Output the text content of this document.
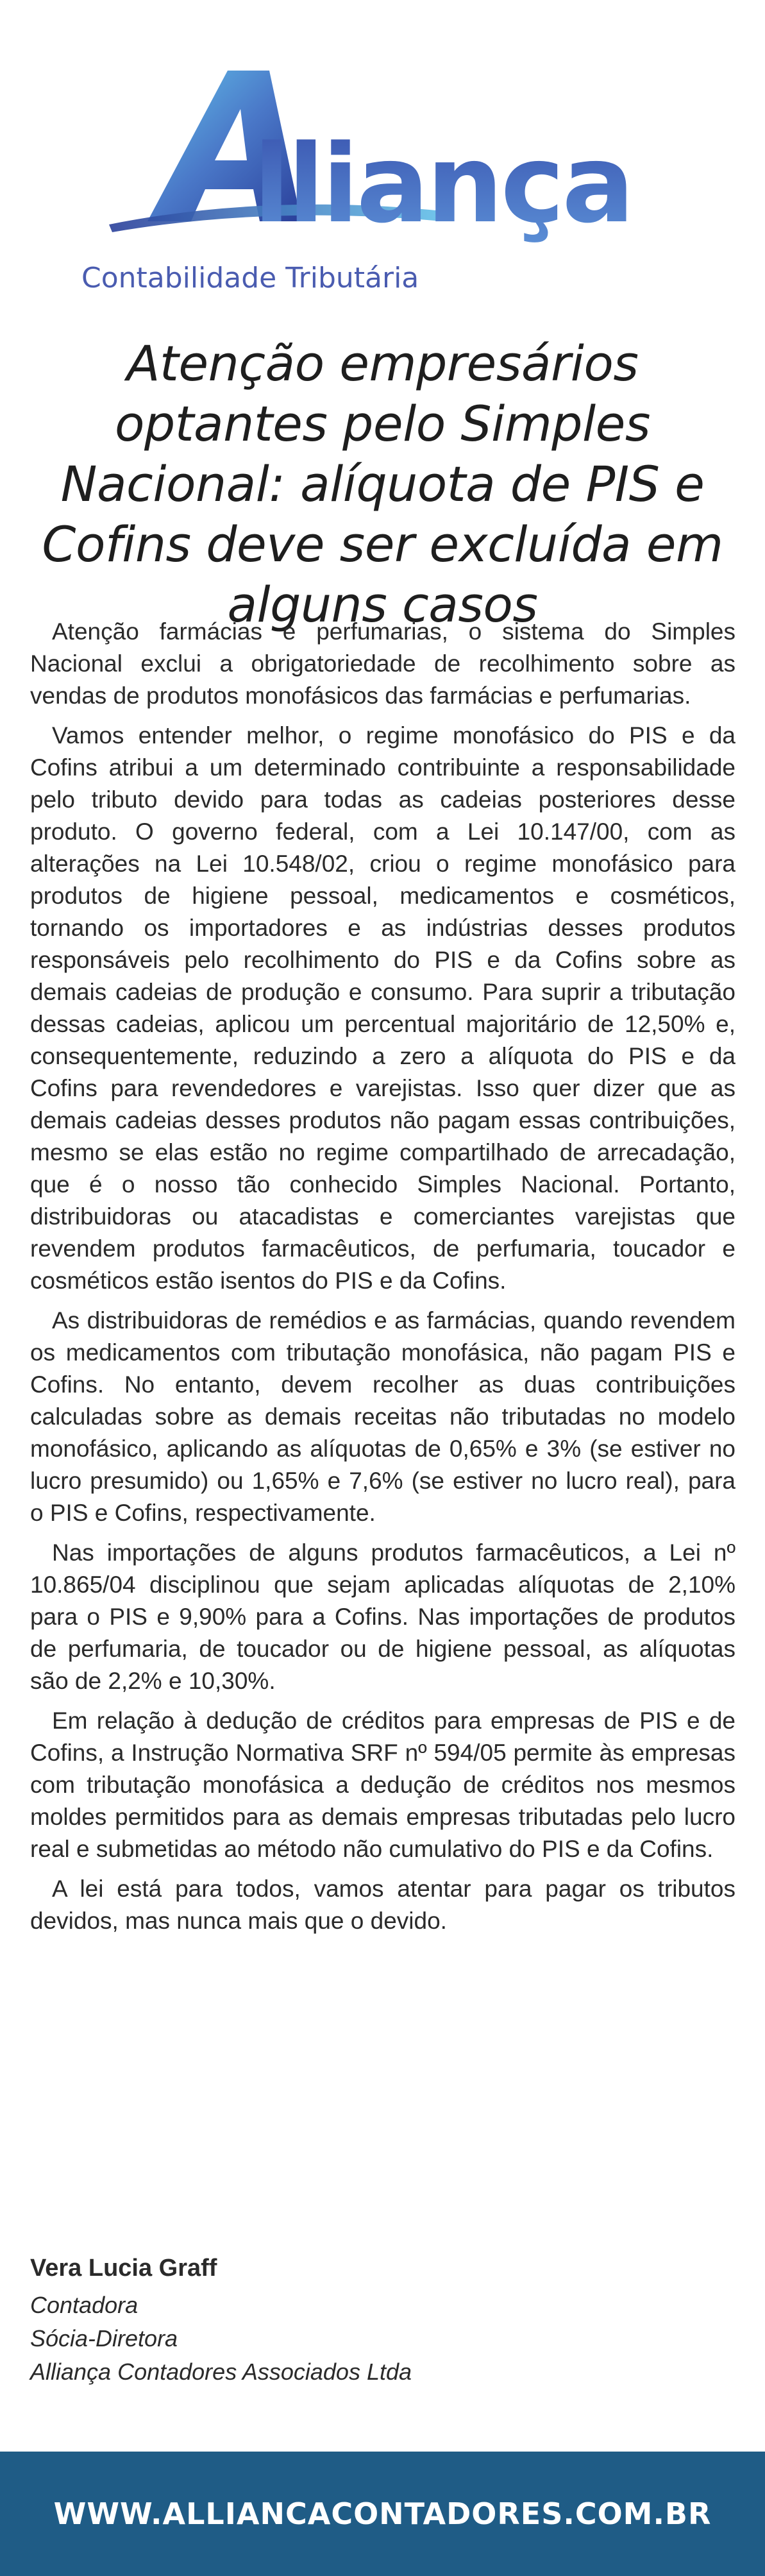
lliança
Contabilidade Tributária
Atenção empresários optantes pelo Simples Nacional: alíquota de PIS e Cofins deve ser excluída em alguns casos

Atenção farmácias e perfumarias, o sistema do Simples Nacional exclui a obrigatoriedade de recolhimento sobre as vendas de produtos monofásicos das farmácias e perfumarias.

Vamos entender melhor, o regime monofásico do PIS e da Cofins atribui a um determinado contribuinte a responsabilidade pelo tributo devido para todas as cadeias posteriores desse produto. O governo federal, com a Lei 10.147/00, com as alterações na Lei 10.548/02, criou o regime monofásico para produtos de higiene pessoal, medicamentos e cosméticos, tornando os importadores e as indústrias desses produtos responsáveis pelo recolhimento do PIS e da Cofins sobre as demais cadeias de produção e consumo. Para suprir a tributação dessas cadeias, aplicou um percentual majoritário de 12,50% e, consequentemente, reduzindo a zero a alíquota do PIS e da Cofins para revendedores e varejistas. Isso quer dizer que as demais cadeias desses produtos não pagam essas contribuições, mesmo se elas estão no regime compartilhado de arrecadação, que é o nosso tão conhecido Simples Nacional. Portanto, distribuidoras ou atacadistas e comerciantes varejistas que revendem produtos farmacêuticos, de perfumaria, toucador e cosméticos estão isentos do PIS e da Cofins.

As distribuidoras de remédios e as farmácias, quando revendem os medicamentos com tributação monofásica, não pagam PIS e Cofins. No entanto, devem recolher as duas contribuições calculadas sobre as demais receitas não tributadas no modelo monofásico, aplicando as alíquotas de 0,65% e 3% (se estiver no lucro presumido) ou 1,65% e 7,6% (se estiver no lucro real), para o PIS e Cofins, respectivamente.

Nas importações de alguns produtos farmacêuticos, a Lei nº 10.865/04 disciplinou que sejam aplicadas alíquotas de 2,10% para o PIS e 9,90% para a Cofins. Nas importações de produtos de perfumaria, de toucador ou de higiene pessoal, as alíquotas são de 2,2% e 10,30%.

Em relação à dedução de créditos para empresas de PIS e de Cofins, a Instrução Normativa SRF nº 594/05 permite às empresas com tributação monofásica a dedução de créditos nos mesmos moldes permitidos para as demais empresas tributadas pelo lucro real e submetidas ao método não cumulativo do PIS e da Cofins.

A lei está para todos, vamos atentar para pagar os tributos devidos, mas nunca mais que o devido.

Vera Lucia Graff
Contadora
Sócia-Diretora
Alliança Contadores Associados Ltda
WWW.ALLIANCACONTADORES.COM.BR
